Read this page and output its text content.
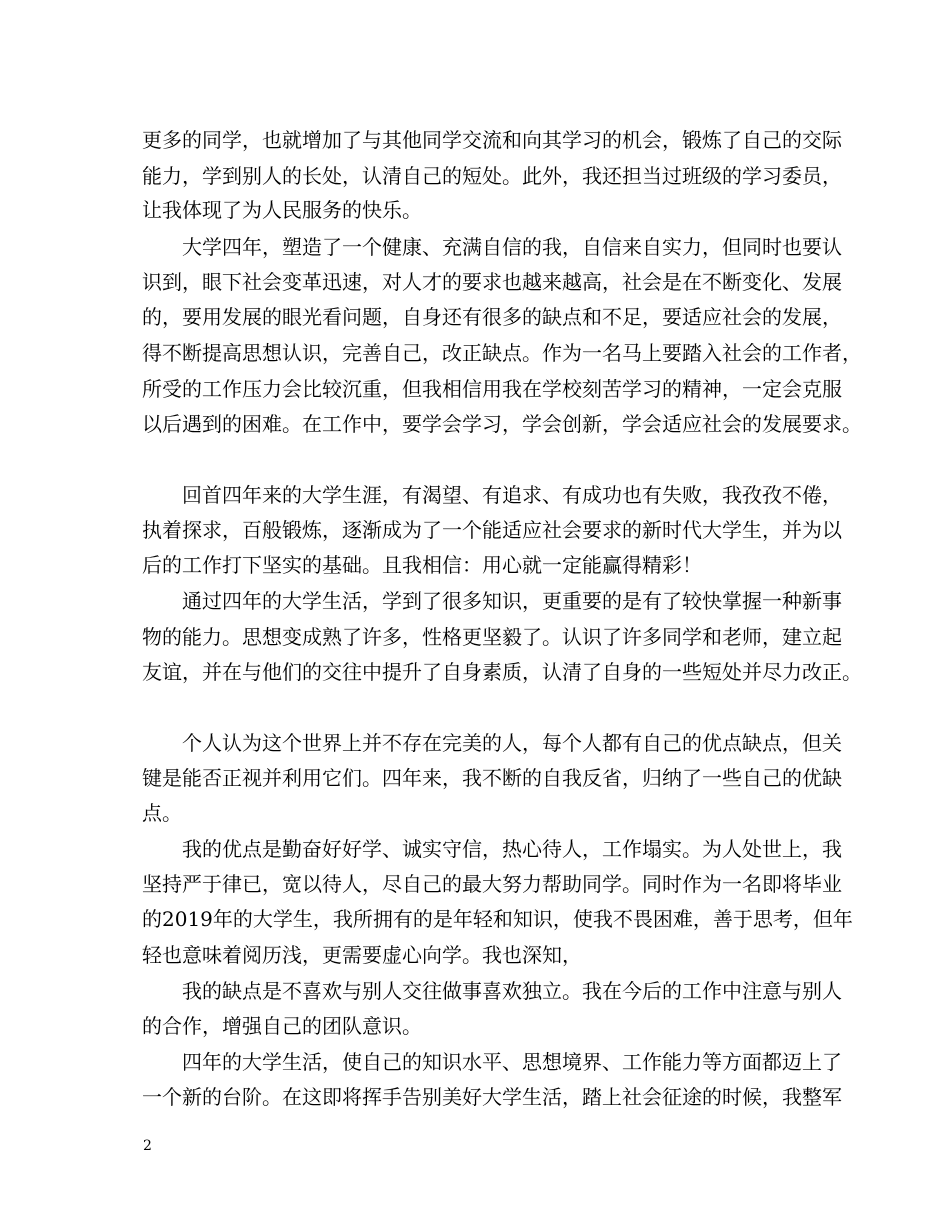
更多的同学，也就增加了与其他同学交流和向其学习的机会，锻炼了自己的交际
能力，学到别人的长处，认清自己的短处。此外，我还担当过班级的学习委员，
让我体现了为人民服务的快乐。
大学四年，塑造了一个健康、充满自信的我，自信来自实力，但同时也要认
识到，眼下社会变革迅速，对人才的要求也越来越高，社会是在不断变化、发展
的，要用发展的眼光看问题，自身还有很多的缺点和不足，要适应社会的发展，
得不断提高思想认识，完善自己，改正缺点。作为一名马上要踏入社会的工作者，
所受的工作压力会比较沉重，但我相信用我在学校刻苦学习的精神，一定会克服
以后遇到的困难。在工作中，要学会学习，学会创新，学会适应社会的发展要求。
回首四年来的大学生涯，有渴望、有追求、有成功也有失败，我孜孜不倦，
执着探求，百般锻炼，逐渐成为了一个能适应社会要求的新时代大学生，并为以
后的工作打下坚实的基础。且我相信：用心就一定能赢得精彩！
通过四年的大学生活，学到了很多知识，更重要的是有了较快掌握一种新事
物的能力。思想变成熟了许多，性格更坚毅了。认识了许多同学和老师，建立起
友谊，并在与他们的交往中提升了自身素质，认清了自身的一些短处并尽力改正。
个人认为这个世界上并不存在完美的人，每个人都有自己的优点缺点，但关
键是能否正视并利用它们。四年来，我不断的自我反省，归纳了一些自己的优缺
点。
我的优点是勤奋好好学、诚实守信，热心待人，工作塌实。为人处世上，我
坚持严于律已，宽以待人，尽自己的最大努力帮助同学。同时作为一名即将毕业
的2019年的大学生，我所拥有的是年轻和知识，使我不畏困难，善于思考，但年
轻也意味着阅历浅，更需要虚心向学。我也深知，
我的缺点是不喜欢与别人交往做事喜欢独立。我在今后的工作中注意与别人
的合作，增强自己的团队意识。
四年的大学生活，使自己的知识水平、思想境界、工作能力等方面都迈上了
一个新的台阶。在这即将挥手告别美好大学生活，踏上社会征途的时候，我整军
2
